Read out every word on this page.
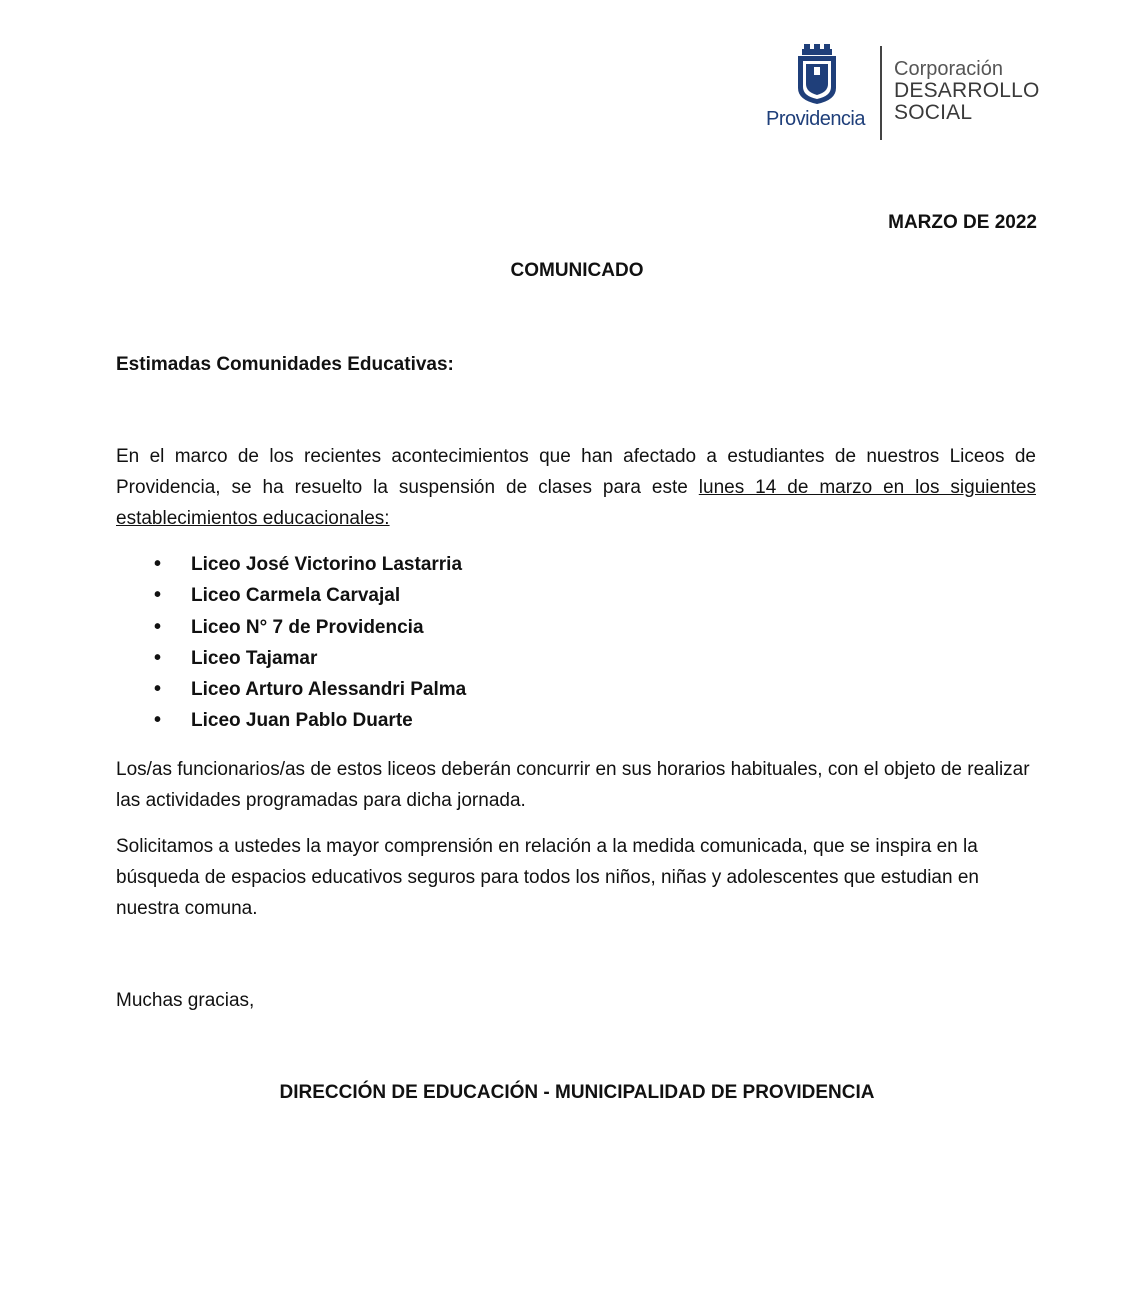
Providencia
Corporación
DESARROLLO
SOCIAL
MARZO DE 2022
COMUNICADO
Estimadas Comunidades Educativas:
En el marco de los recientes acontecimientos que han afectado a estudiantes de nuestros Liceos de Providencia, se ha resuelto la suspensión de clases para este lunes 14 de marzo en los siguientes establecimientos educacionales:
• Liceo José Victorino Lastarria
• Liceo Carmela Carvajal
• Liceo N° 7 de Providencia
• Liceo Tajamar
• Liceo Arturo Alessandri Palma
• Liceo Juan Pablo Duarte
Los/as funcionarios/as de estos liceos deberán concurrir en sus horarios habituales, con el objeto de realizar las actividades programadas para dicha jornada.
Solicitamos a ustedes la mayor comprensión en relación a la medida comunicada, que se inspira en la búsqueda de espacios educativos seguros para todos los niños, niñas y adolescentes que estudian en nuestra comuna.
Muchas gracias,
DIRECCIÓN DE EDUCACIÓN - MUNICIPALIDAD DE PROVIDENCIA
